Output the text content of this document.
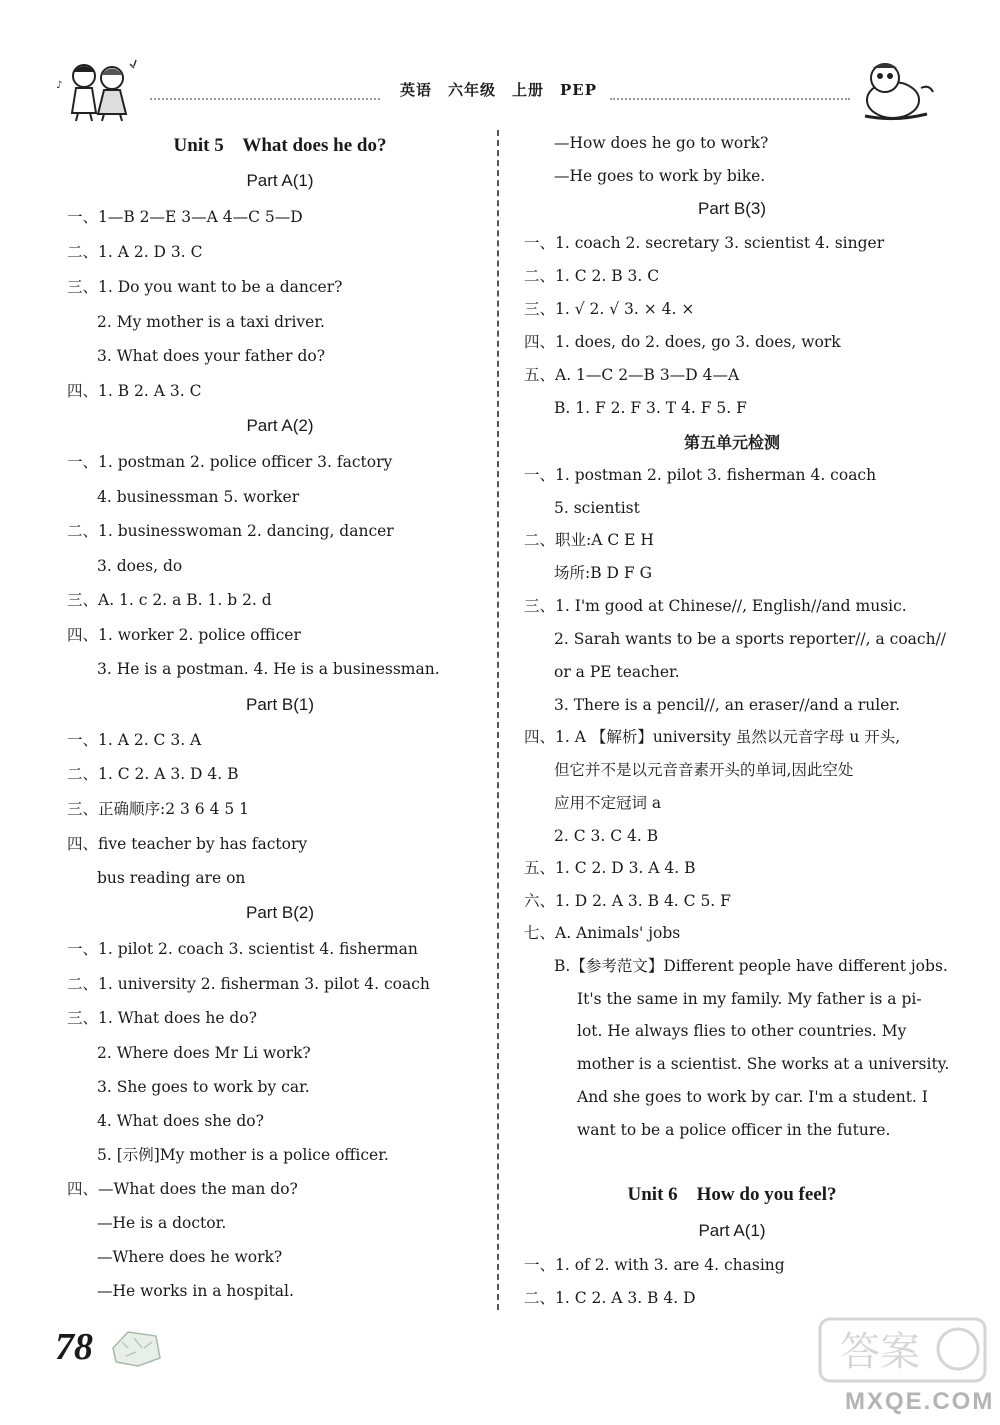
♪	英语　六年级　上册　PEP
Unit 5    What does he do?
Part A(1)
一、1—B 2—E 3—A 4—C 5—D
二、1. A 2. D 3. C
三、1. Do you want to be a dancer?
2. My mother is a taxi driver.
3. What does your father do?
四、1. B 2. A 3. C
Part A(2)
一、1. postman 2. police officer 3. factory
4. businessman 5. worker
二、1. businesswoman 2. dancing, dancer
3. does, do
三、A. 1. c 2. a B. 1. b 2. d
四、1. worker 2. police officer
3. He is a postman. 4. He is a businessman.
Part B(1)
一、1. A 2. C 3. A
二、1. C 2. A 3. D 4. B
三、正确顺序:2 3 6 4 5 1
四、five teacher by has factory
bus reading are on
Part B(2)
一、1. pilot 2. coach 3. scientist 4. fisherman
二、1. university 2. fisherman 3. pilot 4. coach
三、1. What does he do?
2. Where does Mr Li work?
3. She goes to work by car.
4. What does she do?
5. [示例]My mother is a police officer.
四、—What does the man do?
—He is a doctor.
—Where does he work?
—He works in a hospital.
—How does he go to work?
—He goes to work by bike.
Part B(3)
一、1. coach 2. secretary 3. scientist 4. singer
二、1. C 2. B 3. C
三、1. √ 2. √ 3. × 4. ×
四、1. does, do 2. does, go 3. does, work
五、A. 1—C 2—B 3—D 4—A
B. 1. F 2. F 3. T 4. F 5. F
第五单元检测
一、1. postman 2. pilot 3. fisherman 4. coach
5. scientist
二、职业:A C E H
场所:B D F G
三、1. I'm good at Chinese//, English//and music.
2. Sarah wants to be a sports reporter//, a coach//
or a PE teacher.
3. There is a pencil//, an eraser//and a ruler.
四、1. A 【解析】university 虽然以元音字母 u 开头,
但它并不是以元音音素开头的单词,因此空处
应用不定冠词 a
2. C 3. C 4. B
五、1. C 2. D 3. A 4. B
六、1. D 2. A 3. B 4. C 5. F
七、A. Animals' jobs
B.【参考范文】Different people have different jobs.
It's the same in my family. My father is a pi-
lot. He always flies to other countries. My
mother is a scientist. She works at a university.
And she goes to work by car. I'm a student. I
want to be a police officer in the future.
Unit 6    How do you feel?
Part A(1)
一、1. of 2. with 3. are 4. chasing
二、1. C 2. A 3. B 4. D
78	答案
MXQE.COM
